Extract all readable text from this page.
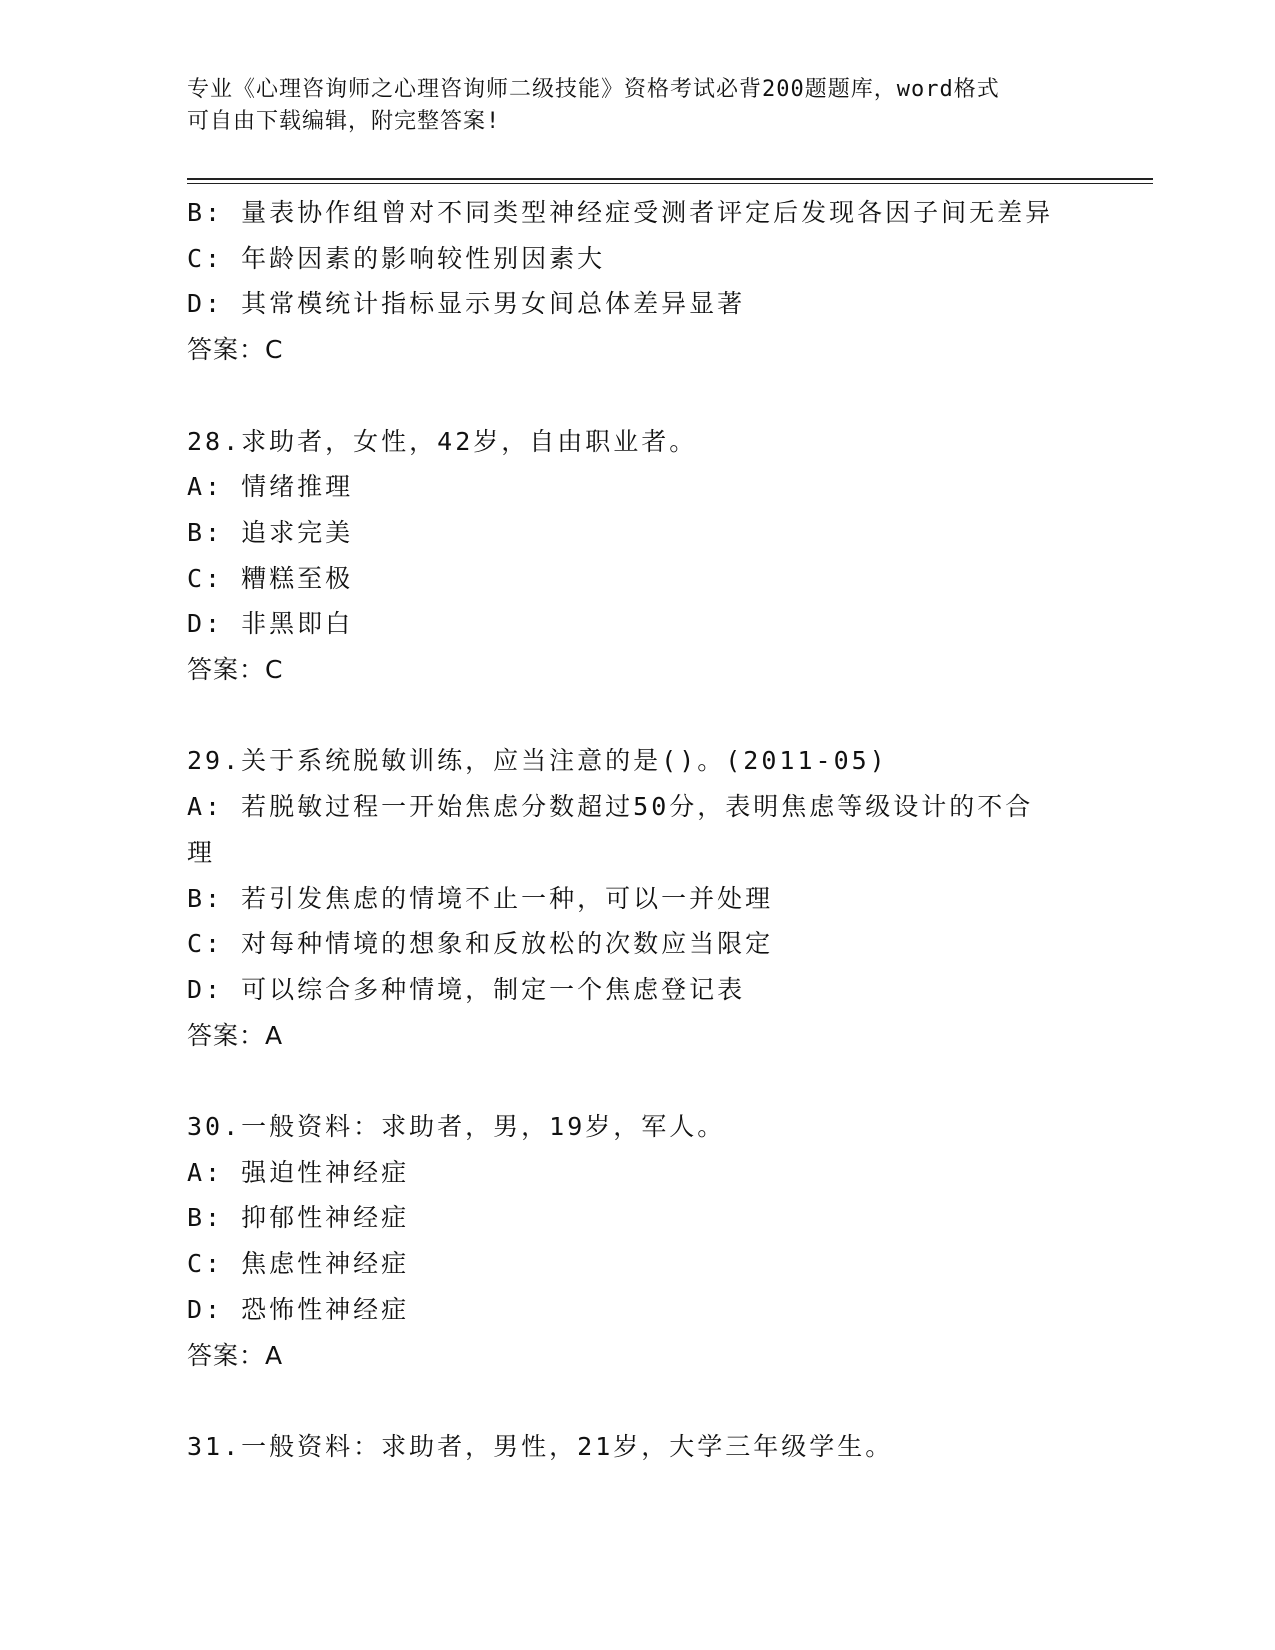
专业《心理咨询师之心理咨询师二级技能》资格考试必背200题题库，word格式
可自由下载编辑，附完整答案!
B: 量表协作组曾对不同类型神经症受测者评定后发现各因子间无差异
C: 年龄因素的影响较性别因素大
D: 其常模统计指标显示男女间总体差异显著
答案：C
28.求助者，女性，42岁，自由职业者。
A: 情绪推理
B: 追求完美
C: 糟糕至极
D: 非黑即白
答案：C
29.关于系统脱敏训练，应当注意的是()。(2011-05)
A: 若脱敏过程一开始焦虑分数超过50分，表明焦虑等级设计的不合
理
B: 若引发焦虑的情境不止一种，可以一并处理
C: 对每种情境的想象和反放松的次数应当限定
D: 可以综合多种情境，制定一个焦虑登记表
答案：A
30.一般资料：求助者，男，19岁，军人。
A: 强迫性神经症
B: 抑郁性神经症
C: 焦虑性神经症
D: 恐怖性神经症
答案：A
31.一般资料：求助者，男性，21岁，大学三年级学生。
